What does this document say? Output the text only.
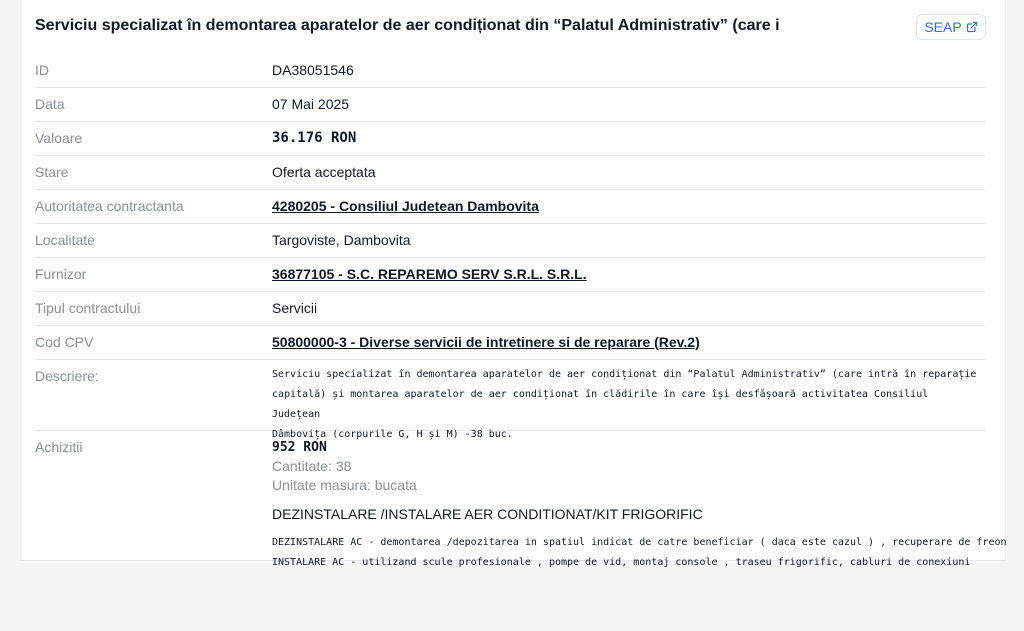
Serviciu specializat în demontarea aparatelor de aer condiționat din “Palatul Administrativ” (care i	SEAP
ID	DA38051546
Data	07 Mai 2025
Valoare	36.176 RON
Stare	Oferta acceptata
Autoritatea contractanta	4280205 - Consiliul Judetean Dambovita
Localitate	Targoviste, Dambovita
Furnizor	36877105 - S.C. REPAREMO SERV S.R.L. S.R.L.
Tipul contractului	Servicii
Cod CPV	50800000-3 - Diverse servicii de intretinere si de reparare (Rev.2)
Descriere:	Serviciu specializat în demontarea aparatelor de aer condiționat din “Palatul Administrativ” (care intră în reparație
capitală) și montarea aparatelor de aer condiționat în clădirile în care își desfășoară activitatea Consiliul Județean
Dâmbovița (corpurile G, H și M) -38 buc.
Achizitii	952 RON
Cantitate: 38
Unitate masura: bucata
DEZINSTALARE /INSTALARE AER CONDITIONAT/KIT FRIGORIFIC
DEZINSTALARE AC - demontarea /depozitarea in spatiul indicat de catre beneficiar ( daca este cazul ) , recuperare de freon
INSTALARE AC - utilizand scule profesionale , pompe de vid, montaj console , traseu frigorific, cabluri de conexiuni
